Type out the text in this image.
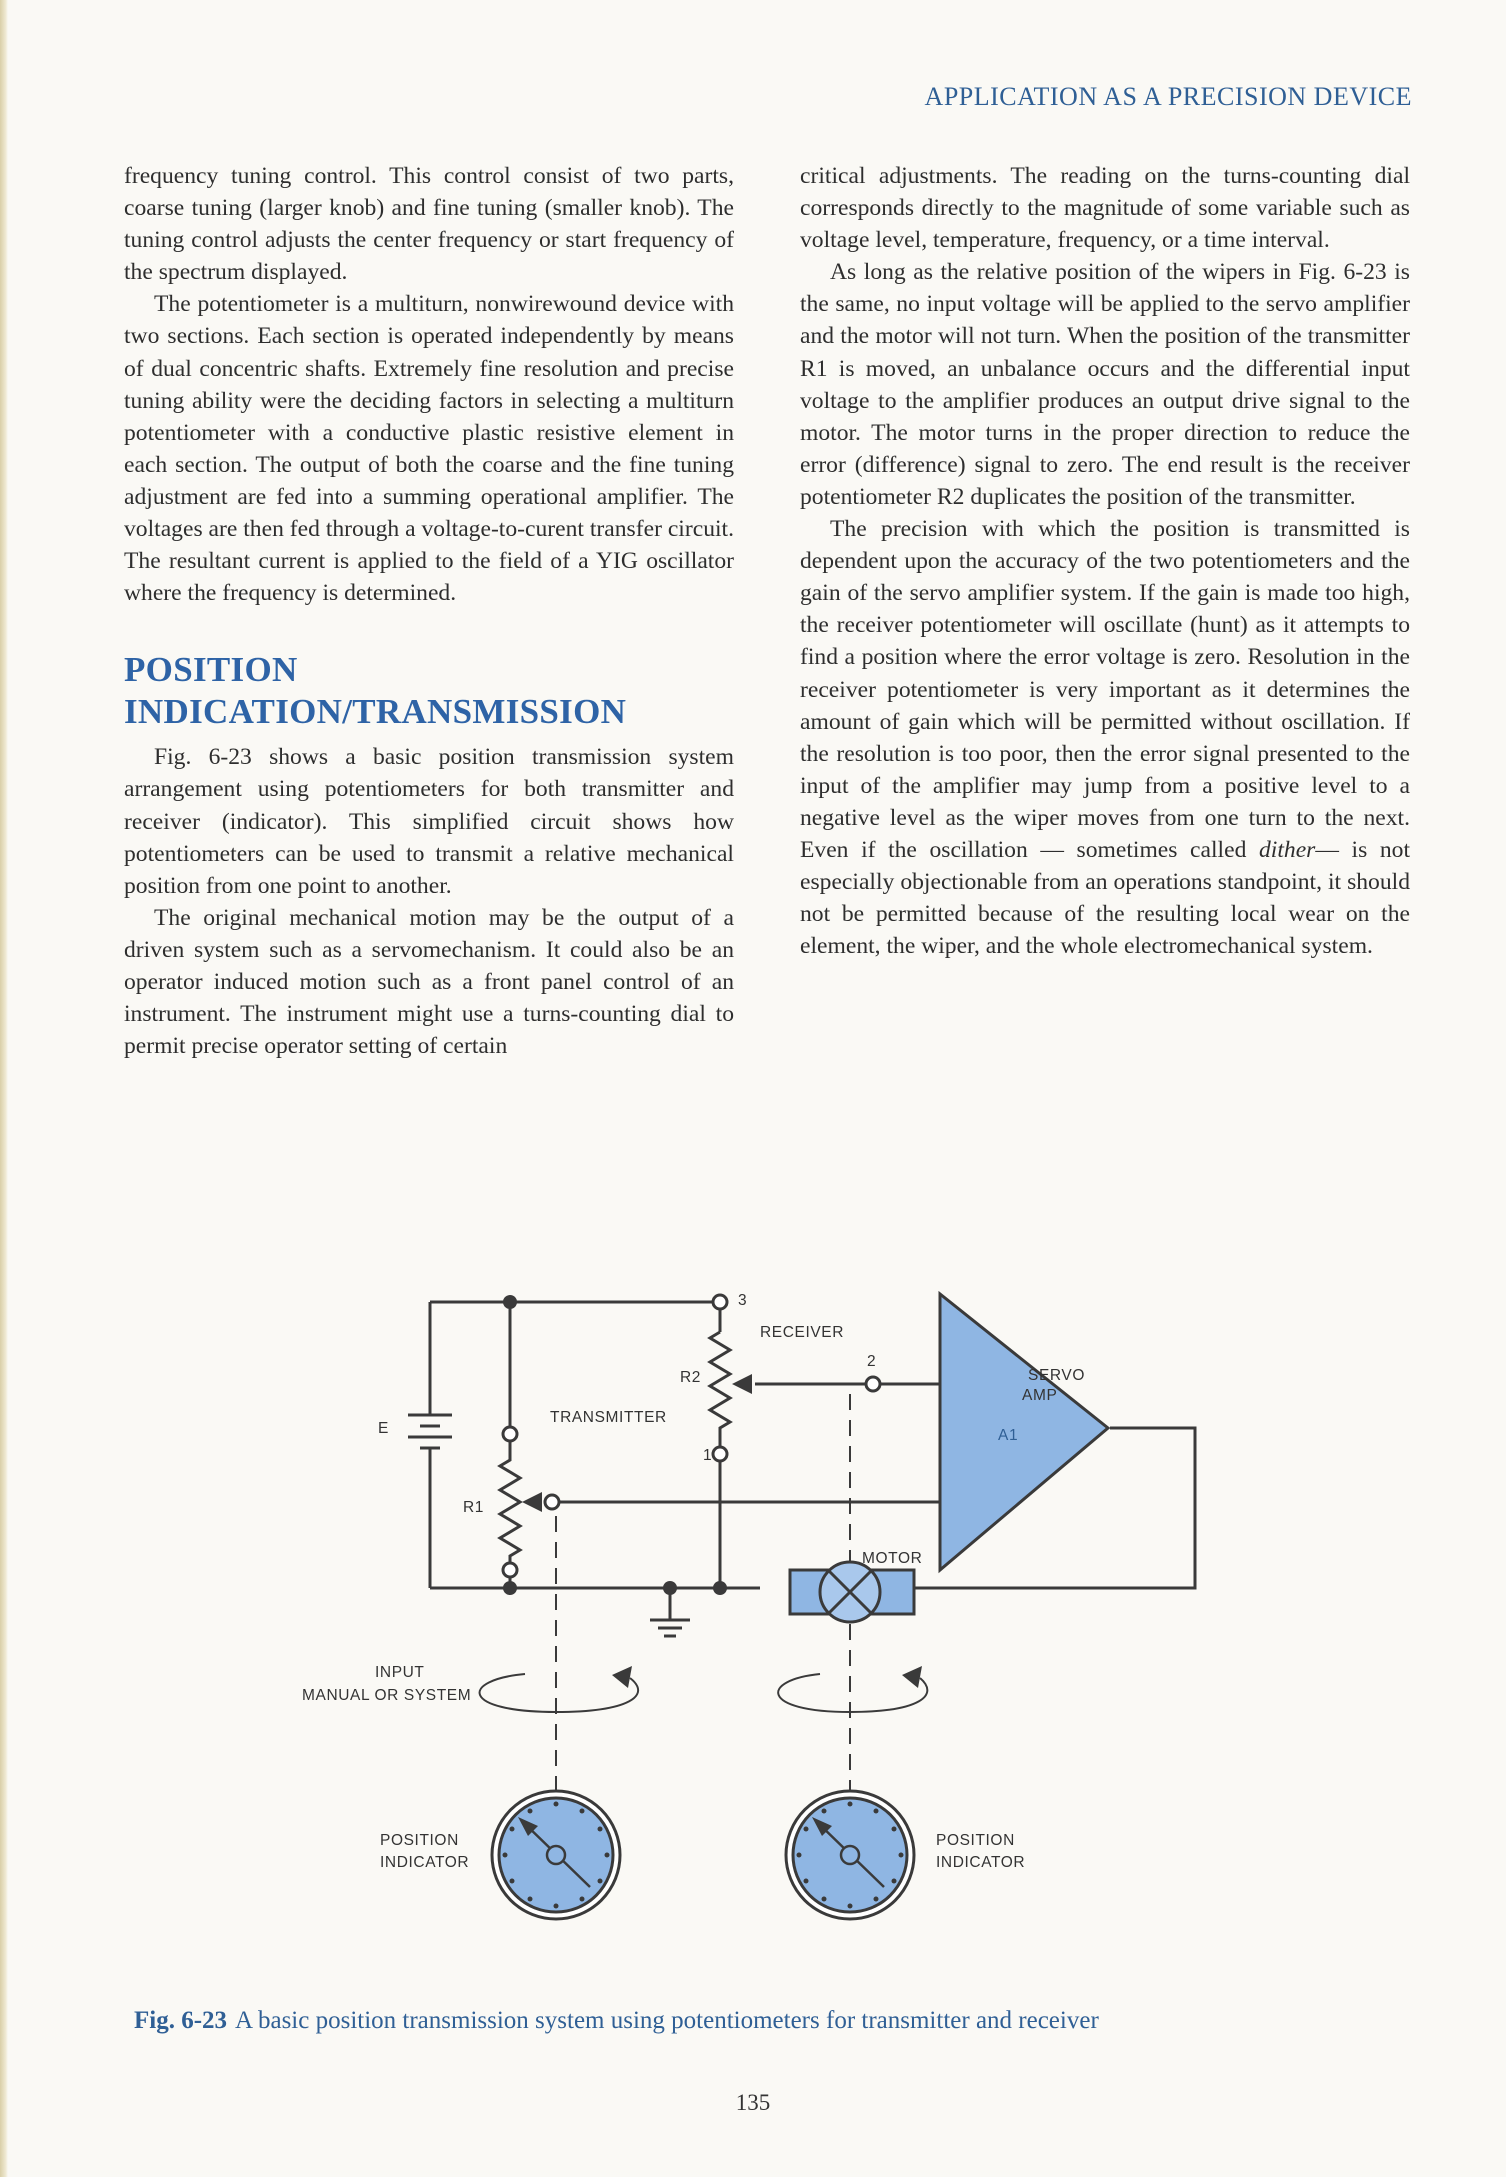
APPLICATION AS A PRECISION DEVICE

frequency tuning control. This control consist of two parts, coarse tuning (larger knob) and fine tuning (smaller knob). The tuning control adjusts the center frequency or start frequency of the spectrum displayed.

The potentiometer is a multiturn, nonwirewound device with two sections. Each section is operated independently by means of dual concentric shafts. Extremely fine resolution and precise tuning ability were the deciding factors in selecting a multiturn potentiometer with a conductive plastic resistive element in each section. The output of both the coarse and the fine tuning adjustment are fed into a summing operational amplifier. The voltages are then fed through a voltage-to-curent transfer circuit. The resultant current is applied to the field of a YIG oscillator where the frequency is determined.

POSITION
INDICATION/TRANSMISSION

Fig. 6-23 shows a basic position transmission system arrangement using potentiometers for both transmitter and receiver (indicator). This simplified circuit shows how potentiometers can be used to transmit a relative mechanical position from one point to another.

The original mechanical motion may be the output of a driven system such as a servomechanism. It could also be an operator induced motion such as a front panel control of an instrument. The instrument might use a turns-counting dial to permit precise operator setting of certain

critical adjustments. The reading on the turns-counting dial corresponds directly to the magnitude of some variable such as voltage level, temperature, frequency, or a time interval.

As long as the relative position of the wipers in Fig. 6-23 is the same, no input voltage will be applied to the servo amplifier and the motor will not turn. When the position of the transmitter R1 is moved, an unbalance occurs and the differential input voltage to the amplifier produces an output drive signal to the motor. The motor turns in the proper direction to reduce the error (difference) signal to zero. The end result is the receiver potentiometer R2 duplicates the position of the transmitter.

The precision with which the position is transmitted is dependent upon the accuracy of the two potentiometers and the gain of the servo amplifier system. If the gain is made too high, the receiver potentiometer will oscillate (hunt) as it attempts to find a position where the error voltage is zero. Resolution in the receiver potentiometer is very important as it determines the amount of gain which will be permitted without oscillation. If the resolution is too poor, then the error signal presented to the input of the amplifier may jump from a positive level to a negative level as the wiper moves from one turn to the next. Even if the oscillation — sometimes called dither— is not especially objectionable from an operations standpoint, it should not be permitted because of the resulting local wear on the element, the wiper, and the whole electromechanical system.

E
R1
R2
TRANSMITTER
RECEIVER
1
2
3
SERVO
AMP
A1
MOTOR
INPUT
MANUAL OR SYSTEM
POSITION
INDICATOR
POSITION
INDICATOR
Fig. 6-23 A basic position transmission system using potentiometers for transmitter and receiver
135
